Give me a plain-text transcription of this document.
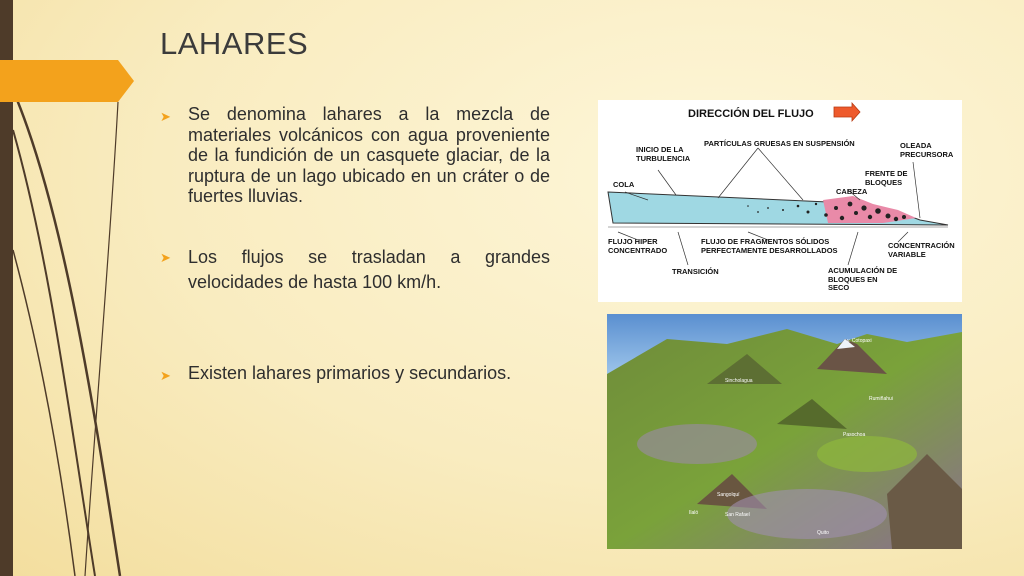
LAHARES
➤ Se denomina lahares a la mezcla de materiales volcánicos con agua proveniente de la fundición de un casquete glaciar, de la ruptura de un lago ubicado en un cráter o de fuertes lluvias.
➤ Los flujos se trasladan a grandes velocidades de hasta 100 km/h.
➤ Existen lahares primarios y secundarios.
DIRECCIÓN DEL FLUJO
INICIO DE LA TURBULENCIA
PARTÍCULAS GRUESAS EN SUSPENSIÓN	OLEADA PRECURSORA
FRENTE DE BLOQUES
COLA
CABEZA
FLUJO HIPER CONCENTRADO
FLUJO DE FRAGMENTOS SÓLIDOS PERFECTAMENTE DESARROLLADOS	CONCENTRACIÓN VARIABLE
TRANSICIÓN	ACUMULACIÓN DE BLOQUES EN SECO
v. Cotopaxi
Sincholagua
Rumiñahui
Pasochoa
Sangolquí
Ilaló	San Rafael
Quito
